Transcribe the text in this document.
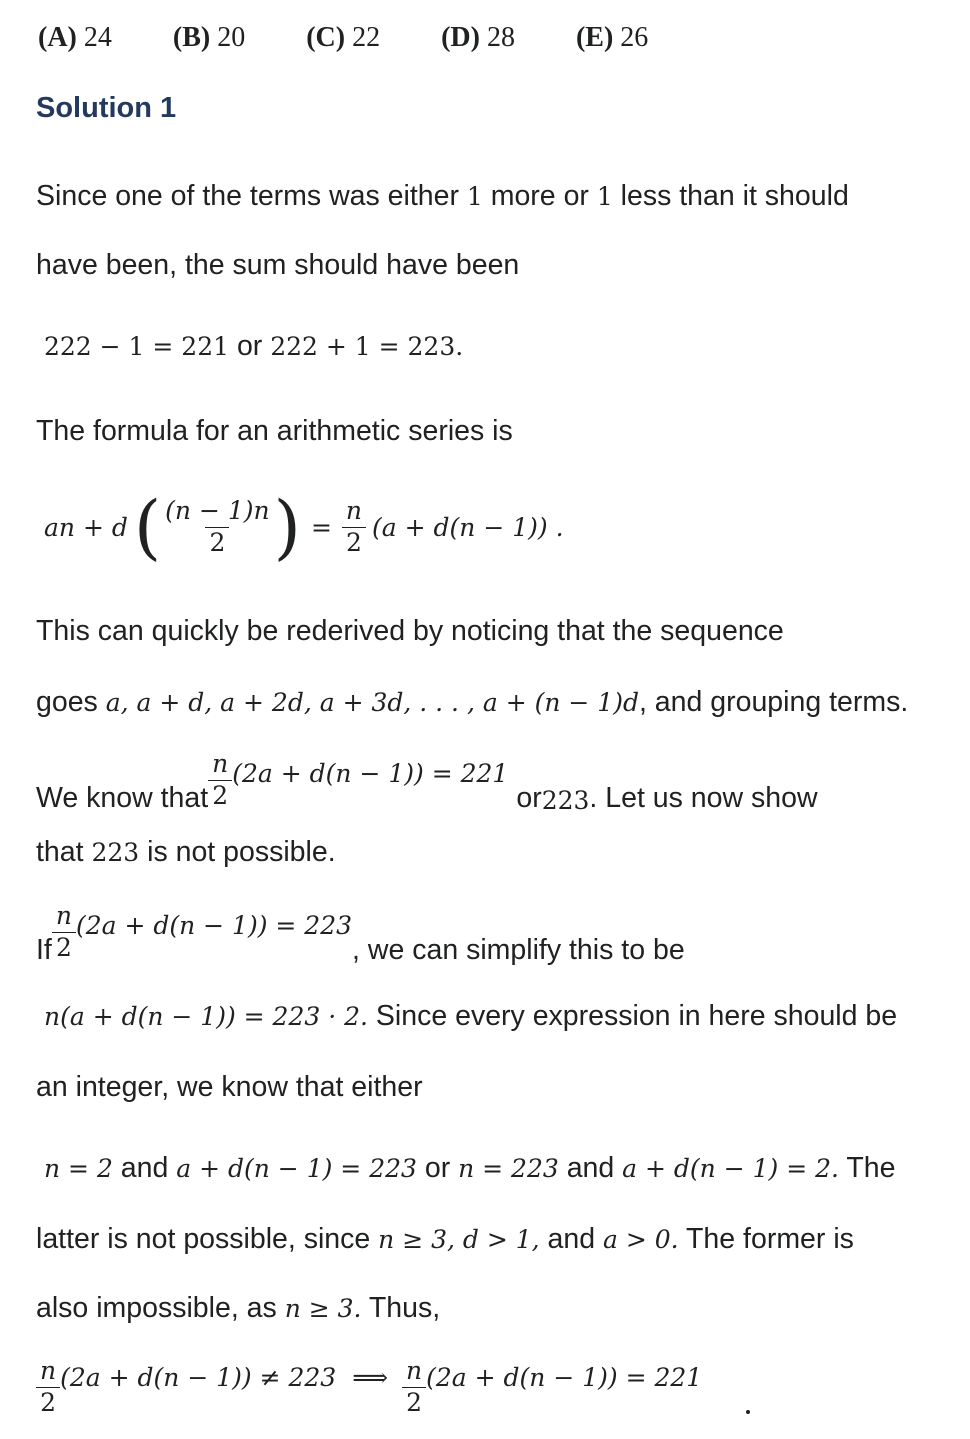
(A) 24 (B) 20 (C) 22 (D) 28 (E) 26
Solution 1
Since one of the terms was either 1 more or 1 less than it should
have been, the sum should have been
222 − 1 = 221 or 222 + 1 = 223.
The formula for an arithmetic series is
an + d ( $\frac{(n - 1)n}{2}$ ) = $\frac{n}{2} (a + d(n - 1))$ .
This can quickly be rederived by noticing that the sequence
goes a, a + d, a + 2d, a + 3d, . . . , a + (n − 1)d, and grouping terms.
We know that $\frac{n}{2} (2a + d(n - 1)) = 221$
or 223 . Let us now show
that 223 is not possible.
If $\frac{n}{2} (2a + d(n - 1)) = 223$
, we can simplify this to be
n(a + d(n − 1)) = 223 · 2. Since every expression in here should be
an integer, we know that either
n = 2 and a + d(n − 1) = 223 or n = 223 and a + d(n − 1) = 2. The
latter is not possible, since n ≥ 3, d > 1, and a > 0. The former is
also impossible, as n ≥ 3. Thus,
$\frac{n}{2} (2a + d(n - 1)) \ne 223$ ⟹ $\frac{n}{2} (2a + d(n - 1)) = 221$
